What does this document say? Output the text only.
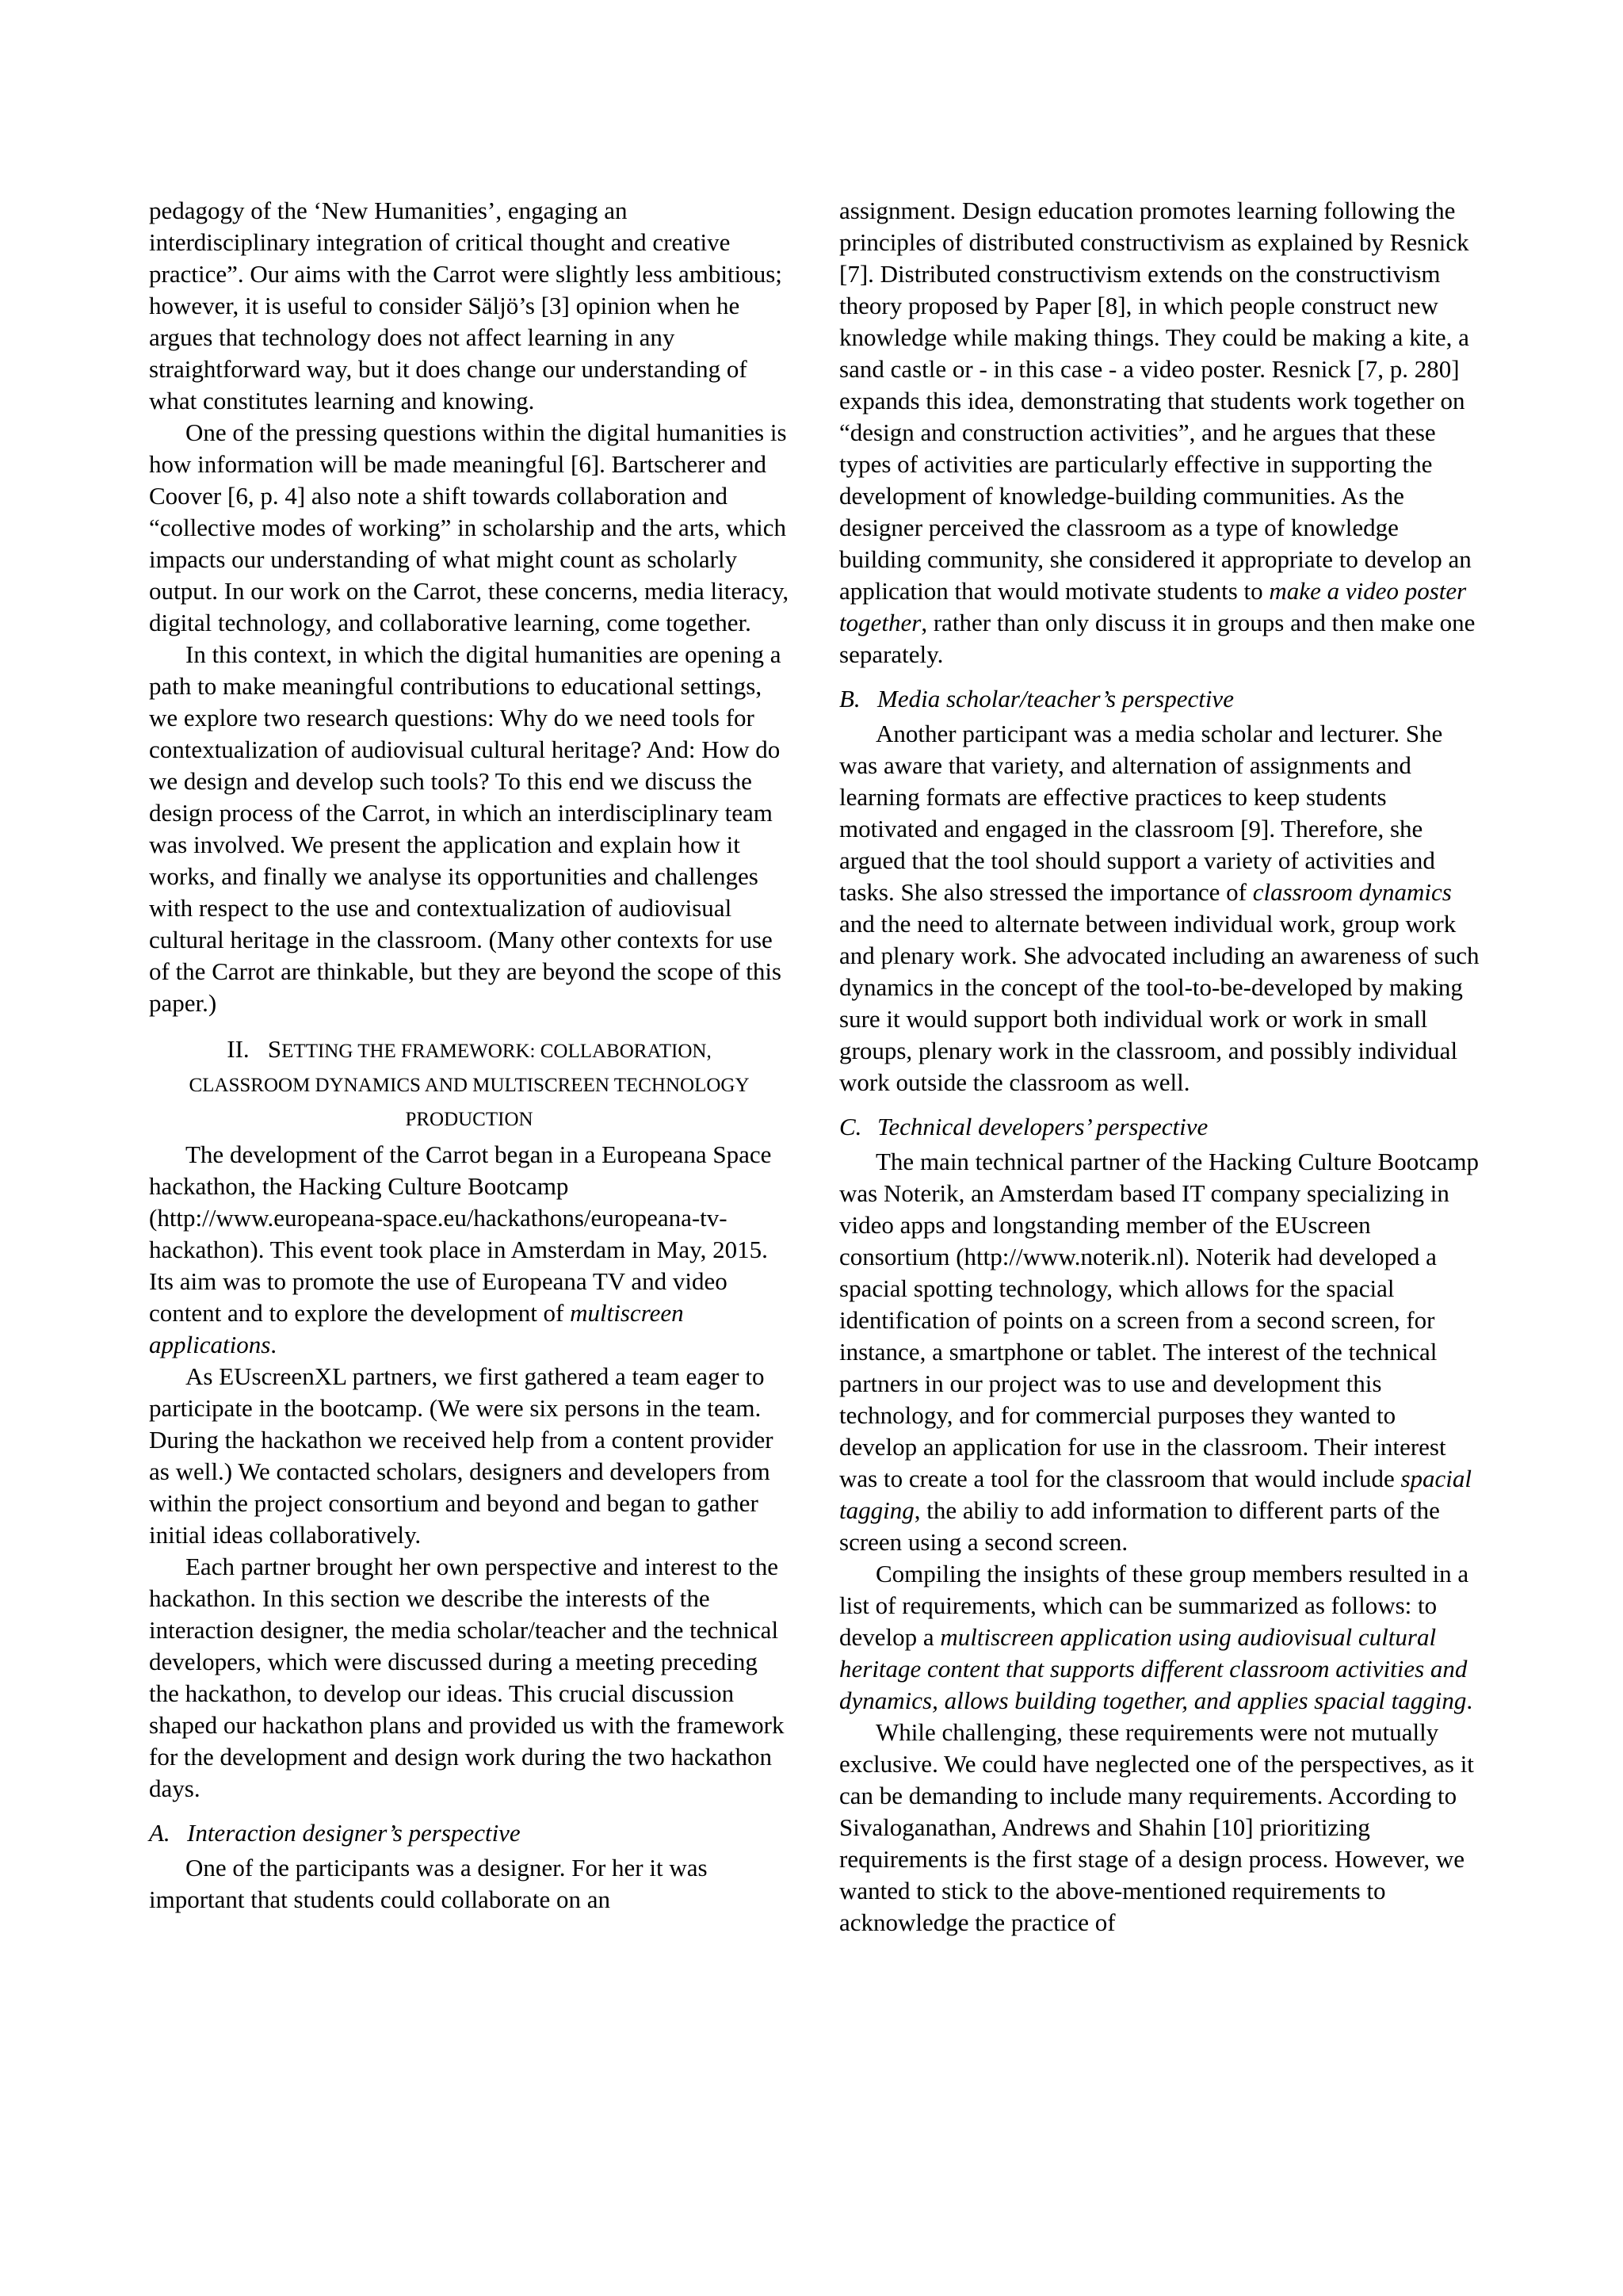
pedagogy of the ‘New Humanities’, engaging an interdisciplinary integration of critical thought and creative practice”. Our aims with the Carrot were slightly less ambitious; however, it is useful to consider Säljö’s [3] opinion when he argues that technology does not affect learning in any straightforward way, but it does change our understanding of what constitutes learning and knowing.

One of the pressing questions within the digital humanities is how information will be made meaningful [6]. Bartscherer and Coover [6, p. 4] also note a shift towards collaboration and “collective modes of working” in scholarship and the arts, which impacts our understanding of what might count as scholarly output. In our work on the Carrot, these concerns, media literacy, digital technology, and collaborative learning, come together.

In this context, in which the digital humanities are opening a path to make meaningful contributions to educational settings, we explore two research questions: Why do we need tools for contextualization of audiovisual cultural heritage? And: How do we design and develop such tools? To this end we discuss the design process of the Carrot, in which an interdisciplinary team was involved. We present the application and explain how it works, and finally we analyse its opportunities and challenges with respect to the use and contextualization of audiovisual cultural heritage in the classroom. (Many other contexts for use of the Carrot are thinkable, but they are beyond the scope of this paper.)

II. SETTING THE FRAMEWORK: COLLABORATION,
CLASSROOM DYNAMICS AND MULTISCREEN TECHNOLOGY
PRODUCTION

The development of the Carrot began in a Europeana Space hackathon, the Hacking Culture Bootcamp (http://www.europeana-space.eu/hackathons/europeana-tv-hackathon). This event took place in Amsterdam in May, 2015. Its aim was to promote the use of Europeana TV and video content and to explore the development of multiscreen applications.

As EUscreenXL partners, we first gathered a team eager to participate in the bootcamp. (We were six persons in the team. During the hackathon we received help from a content provider as well.) We contacted scholars, designers and developers from within the project consortium and beyond and began to gather initial ideas collaboratively.

Each partner brought her own perspective and interest to the hackathon. In this section we describe the interests of the interaction designer, the media scholar/teacher and the technical developers, which were discussed during a meeting preceding the hackathon, to develop our ideas. This crucial discussion shaped our hackathon plans and provided us with the framework for the development and design work during the two hackathon days.

A. Interaction designer’s perspective

One of the participants was a designer. For her it was important that students could collaborate on an

assignment. Design education promotes learning following the principles of distributed constructivism as explained by Resnick [7]. Distributed constructivism extends on the constructivism theory proposed by Paper [8], in which people construct new knowledge while making things. They could be making a kite, a sand castle or - in this case - a video poster. Resnick [7, p. 280] expands this idea, demonstrating that students work together on “design and construction activities”, and he argues that these types of activities are particularly effective in supporting the development of knowledge-building communities. As the designer perceived the classroom as a type of knowledge building community, she considered it appropriate to develop an application that would motivate students to make a video poster together, rather than only discuss it in groups and then make one separately.

B. Media scholar/teacher’s perspective

Another participant was a media scholar and lecturer. She was aware that variety, and alternation of assignments and learning formats are effective practices to keep students motivated and engaged in the classroom [9]. Therefore, she argued that the tool should support a variety of activities and tasks. She also stressed the importance of classroom dynamics and the need to alternate between individual work, group work and plenary work. She advocated including an awareness of such dynamics in the concept of the tool-to-be-developed by making sure it would support both individual work or work in small groups, plenary work in the classroom, and possibly individual work outside the classroom as well.

C. Technical developers’ perspective

The main technical partner of the Hacking Culture Bootcamp was Noterik, an Amsterdam based IT company specializing in video apps and longstanding member of the EUscreen consortium (http://www.noterik.nl). Noterik had developed a spacial spotting technology, which allows for the spacial identification of points on a screen from a second screen, for instance, a smartphone or tablet. The interest of the technical partners in our project was to use and development this technology, and for commercial purposes they wanted to develop an application for use in the classroom. Their interest was to create a tool for the classroom that would include spacial tagging, the abiliy to add information to different parts of the screen using a second screen.

Compiling the insights of these group members resulted in a list of requirements, which can be summarized as follows: to develop a multiscreen application using audiovisual cultural heritage content that supports different classroom activities and dynamics, allows building together, and applies spacial tagging.

While challenging, these requirements were not mutually exclusive. We could have neglected one of the perspectives, as it can be demanding to include many requirements. According to Sivaloganathan, Andrews and Shahin [10] prioritizing requirements is the first stage of a design process. However, we wanted to stick to the above-mentioned requirements to acknowledge the practice of
